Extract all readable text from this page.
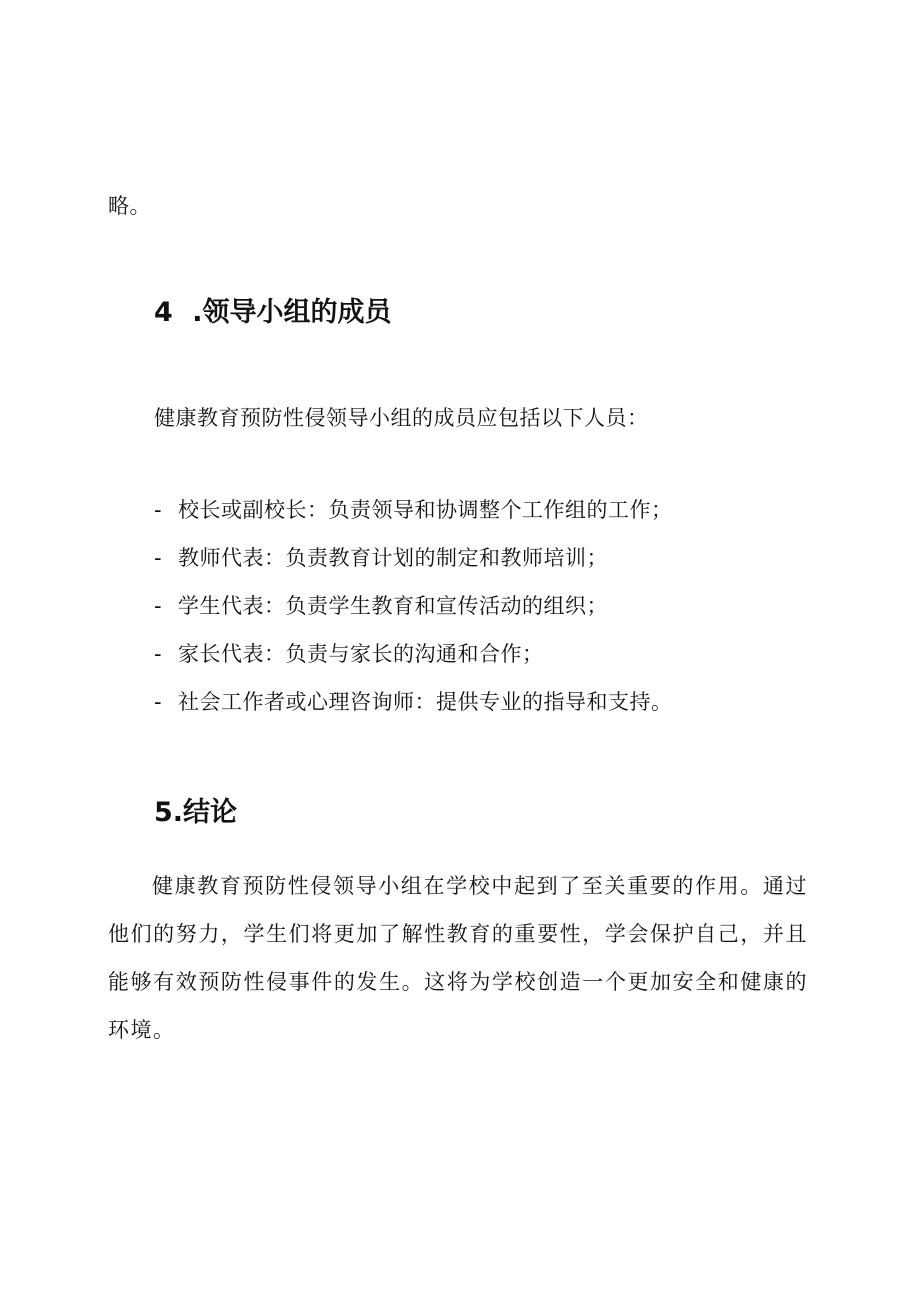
略。
4 .领导小组的成员
健康教育预防性侵领导小组的成员应包括以下人员：
- 校长或副校长：负责领导和协调整个工作组的工作；
- 教师代表：负责教育计划的制定和教师培训；
- 学生代表：负责学生教育和宣传活动的组织；
- 家长代表：负责与家长的沟通和合作；
- 社会工作者或心理咨询师：提供专业的指导和支持。
5.结论
健康教育预防性侵领导小组在学校中起到了至关重要的作用。通过他们的努力，学生们将更加了解性教育的重要性，学会保护自己，并且能够有效预防性侵事件的发生。这将为学校创造一个更加安全和健康的环境。
